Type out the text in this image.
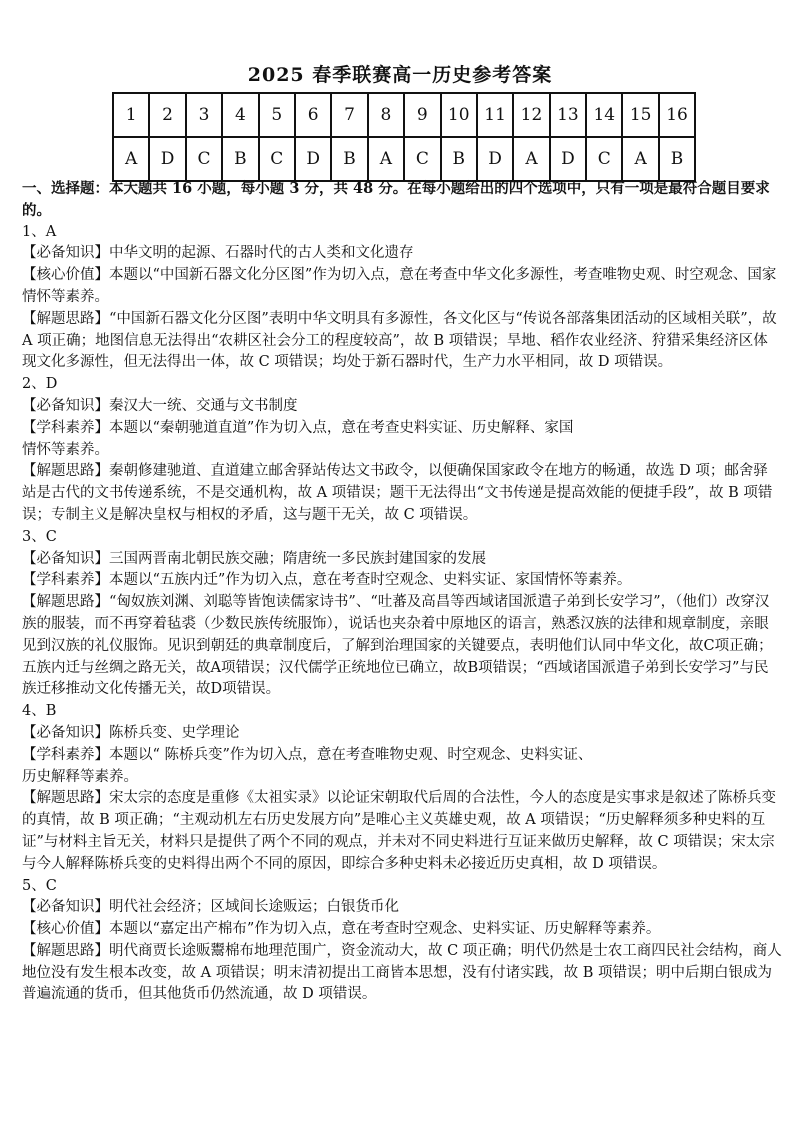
2025 春季联赛高一历史参考答案
1	2	3	4	5	6	7	8	9	10	11	12	13	14	15	16
A	D	C	B	C	D	B	A	C	B	D	A	D	C	A	B
一、选择题：本大题共 16 小题，每小题 3 分，共 48 分。在每小题给出的四个选项中，只有一项是最符合题目要求的。
1、A
【必备知识】中华文明的起源、石器时代的古人类和文化遗存
【核心价值】本题以“中国新石器文化分区图”作为切入点，意在考查中华文化多源性，考查唯物史观、时空观念、国家情怀等素养。
【解题思路】“中国新石器文化分区图”表明中华文明具有多源性，各文化区与“传说各部落集团活动的区域相关联”，故 A 项正确；地图信息无法得出“农耕区社会分工的程度较高”，故 B 项错误；旱地、稻作农业经济、狩猎采集经济区体现文化多源性，但无法得出一体，故 C 项错误；均处于新石器时代，生产力水平相同，故 D 项错误。
2、D
【必备知识】秦汉大一统、交通与文书制度
【学科素养】本题以“秦朝驰道直道”作为切入点，意在考查史料实证、历史解释、家国
情怀等素养。
【解题思路】秦朝修建驰道、直道建立邮舍驿站传达文书政令，以便确保国家政令在地方的畅通，故选 D 项；邮舍驿站是古代的文书传递系统，不是交通机构，故 A 项错误；题干无法得出“文书传递是提高效能的便捷手段”，故 B 项错误；专制主义是解决皇权与相权的矛盾，这与题干无关，故 C 项错误。
3、C
【必备知识】三国两晋南北朝民族交融；隋唐统一多民族封建国家的发展
【学科素养】本题以“五族内迁”作为切入点，意在考查时空观念、史料实证、家国情怀等素养。
【解题思路】“匈奴族刘渊、刘聪等皆饱读儒家诗书”、“吐蕃及高昌等西域诸国派遣子弟到长安学习”，（他们）改穿汉族的服装，而不再穿着毡裘（少数民族传统服饰），说话也夹杂着中原地区的语言，熟悉汉族的法律和规章制度，亲眼见到汉族的礼仪服饰。见识到朝廷的典章制度后，了解到治理国家的关键要点，表明他们认同中华文化，故C项正确；五族内迁与丝绸之路无关，故A项错误；汉代儒学正统地位已确立，故B项错误；“西域诸国派遣子弟到长安学习”与民族迁移推动文化传播无关，故D项错误。
4、B
【必备知识】陈桥兵变、史学理论
【学科素养】本题以“ 陈桥兵变”作为切入点，意在考查唯物史观、时空观念、史料实证、
历史解释等素养。
【解题思路】宋太宗的态度是重修《太祖实录》以论证宋朝取代后周的合法性，今人的态度是实事求是叙述了陈桥兵变的真情，故 B 项正确；“主观动机左右历史发展方向”是唯心主义英雄史观，故 A 项错误；“历史解释须多种史料的互证”与材料主旨无关，材料只是提供了两个不同的观点，并未对不同史料进行互证来做历史解释，故 C 项错误；宋太宗与今人解释陈桥兵变的史料得出两个不同的原因，即综合多种史料未必接近历史真相，故 D 项错误。
5、C
【必备知识】明代社会经济；区域间长途贩运；白银货币化
【核心价值】本题以“嘉定出产棉布”作为切入点，意在考查时空观念、史料实证、历史解释等素养。
【解题思路】明代商贾长途贩鬻棉布地理范围广，资金流动大，故 C 项正确；明代仍然是士农工商四民社会结构，商人地位没有发生根本改变，故 A 项错误；明末清初提出工商皆本思想，没有付诸实践，故 B 项错误；明中后期白银成为普遍流通的货币，但其他货币仍然流通，故 D 项错误。
